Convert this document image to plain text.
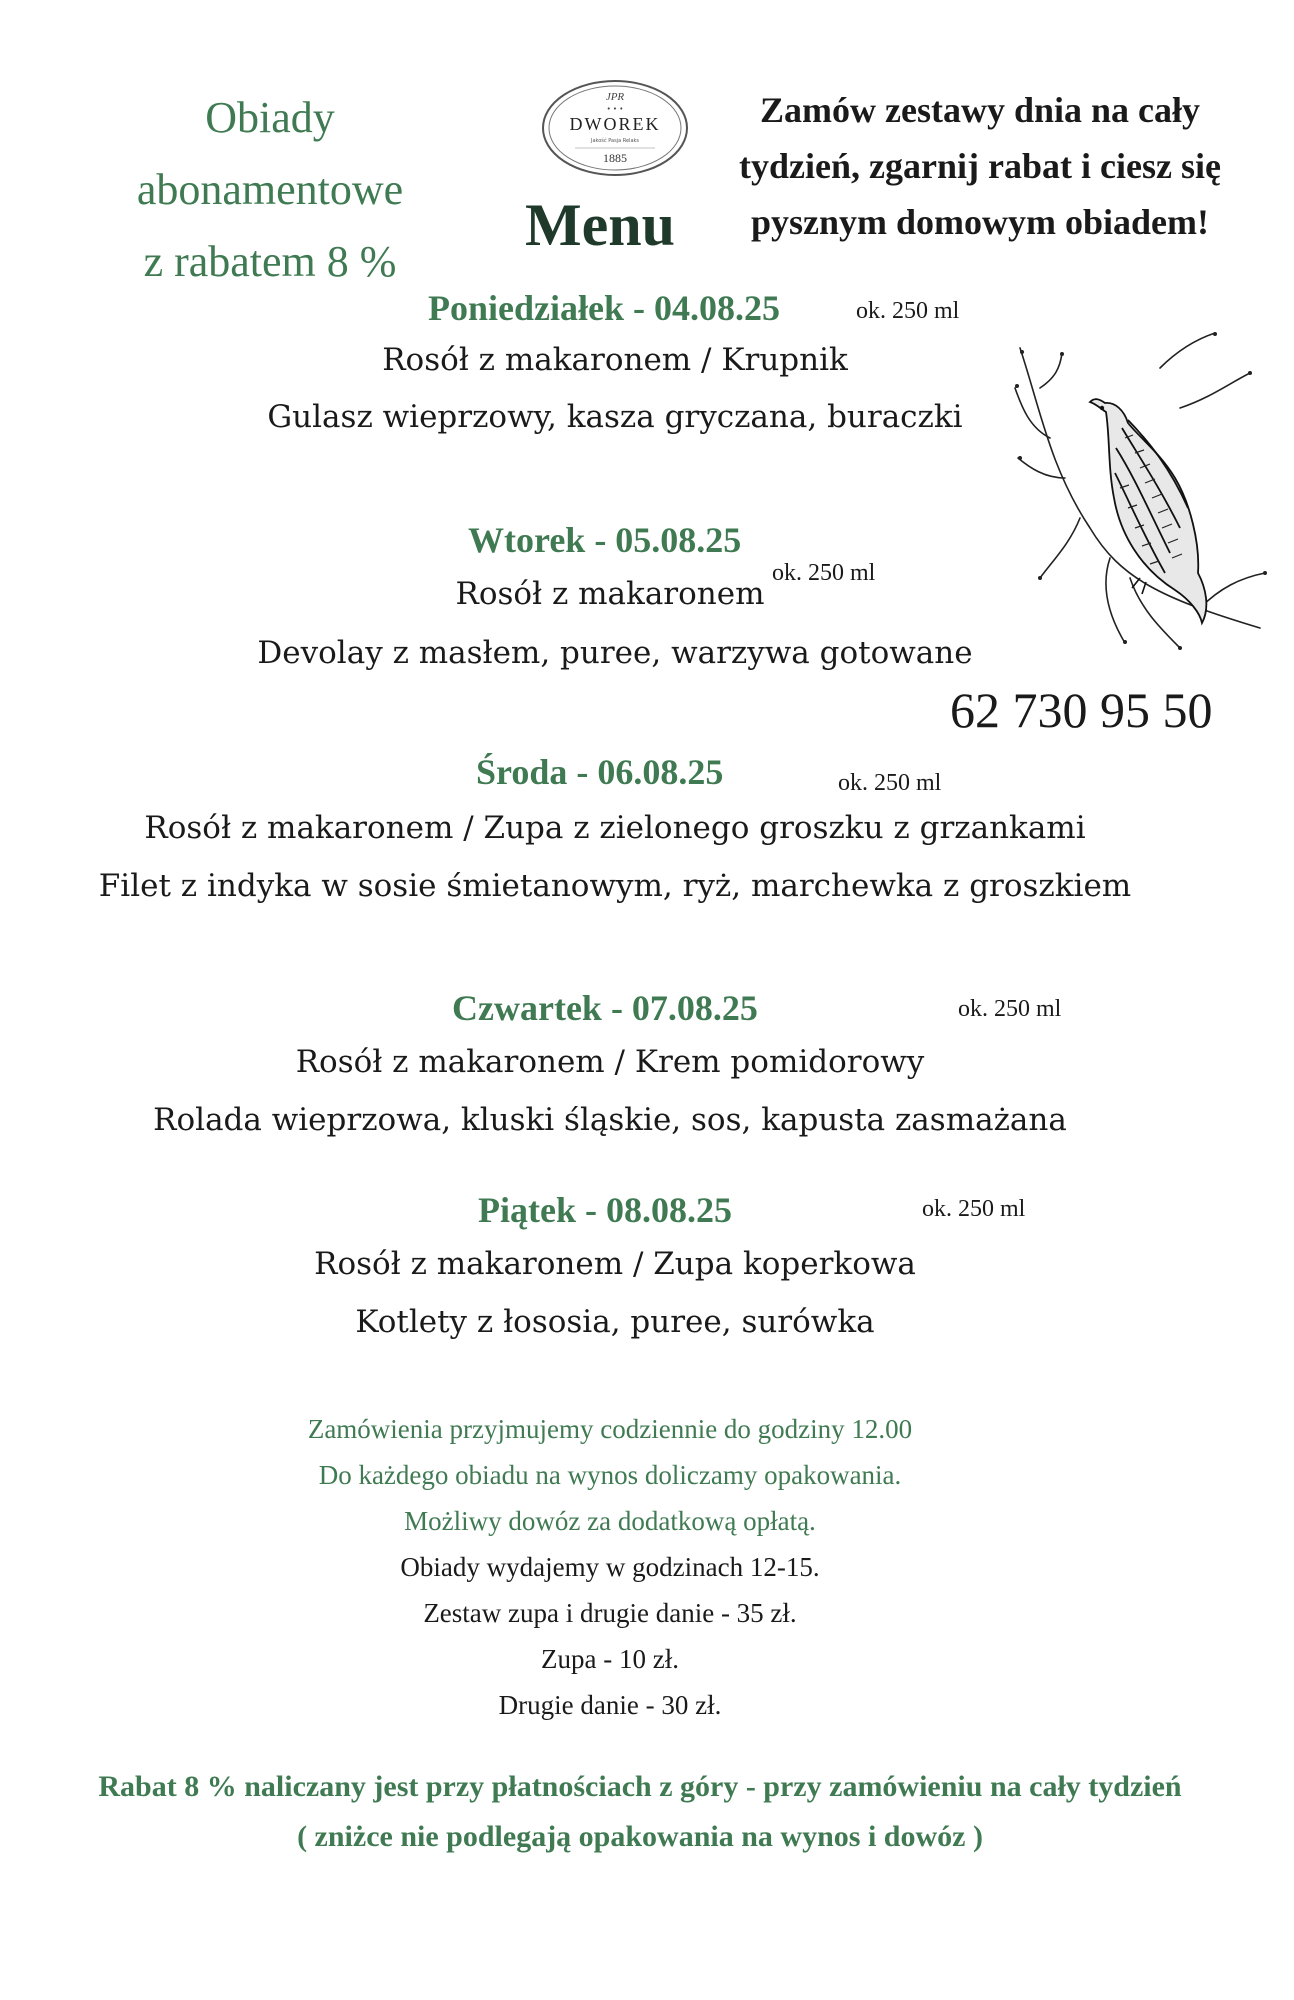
Obiady
abonamentowe
z rabatem 8 %
JPR
• • •
DWOREK
Jakość Pasja Relaks
1885
Menu
Zamów zestawy dnia na cały
tydzień, zgarnij rabat i ciesz się
pysznym domowym obiadem!
Poniedziałek - 04.08.25	ok. 250 ml
Rosół z makaronem / Krupnik
Gulasz wieprzowy, kasza gryczana, buraczki
Wtorek - 05.08.25
ok. 250 ml
Rosół z makaronem
Devolay z masłem, puree, warzywa gotowane
62 730 95 50
Środa - 06.08.25	ok. 250 ml
Rosół z makaronem / Zupa z zielonego groszku z grzankami
Filet z indyka w sosie śmietanowym, ryż, marchewka z groszkiem
Czwartek - 07.08.25	ok. 250 ml
Rosół z makaronem / Krem pomidorowy
Rolada wieprzowa, kluski śląskie, sos, kapusta zasmażana
Piątek - 08.08.25	ok. 250 ml
Rosół z makaronem / Zupa koperkowa
Kotlety z łososia, puree, surówka
Zamówienia przyjmujemy codziennie do godziny 12.00
Do każdego obiadu na wynos doliczamy opakowania.
Możliwy dowóz za dodatkową opłatą.
Obiady wydajemy w godzinach 12-15.
Zestaw zupa i drugie danie - 35 zł.
Zupa - 10 zł.
Drugie danie - 30 zł.
Rabat 8 % naliczany jest przy płatnościach z góry - przy zamówieniu na cały tydzień
( zniżce nie podlegają opakowania na wynos i dowóz )
